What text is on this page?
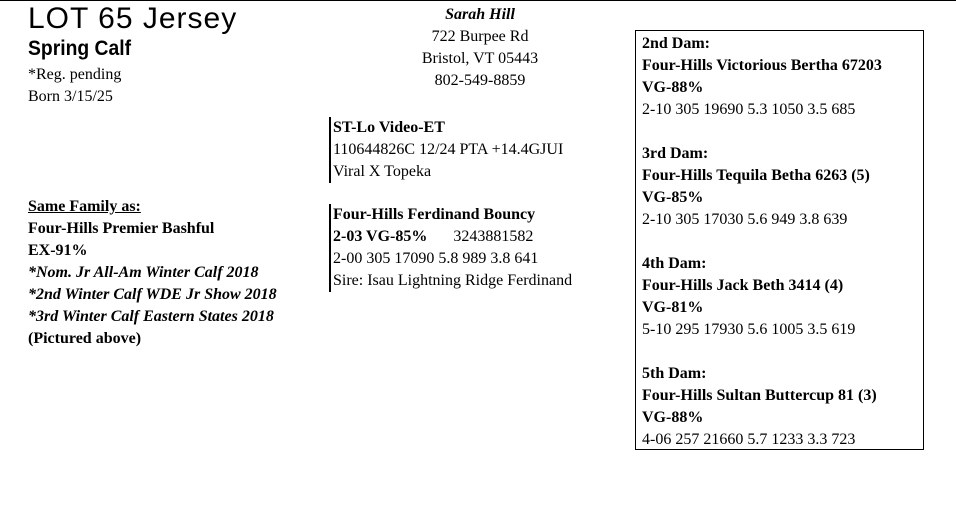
LOT 65 Jersey
Spring Calf
*Reg. pending
Born 3/15/25
Sarah Hill
722 Burpee Rd
Bristol, VT 05443
802-549-8859
ST-Lo Video-ET
110644826C 12/24 PTA +14.4GJUI
Viral X Topeka
Four-Hills Ferdinand Bouncy
2-03 VG-85% 3243881582
2-00 305 17090 5.8 989 3.8 641
Sire: Isau Lightning Ridge Ferdinand
Same Family as:
Four-Hills Premier Bashful
EX-91%
*Nom. Jr All-Am Winter Calf 2018
*2nd Winter Calf WDE Jr Show 2018
*3rd Winter Calf Eastern States 2018
(Pictured above)
2nd Dam:
Four-Hills Victorious Bertha 67203
VG-88%
2-10 305 19690 5.3 1050 3.5 685
3rd Dam:
Four-Hills Tequila Betha 6263 (5)
VG-85%
2-10 305 17030 5.6 949 3.8 639
4th Dam:
Four-Hills Jack Beth 3414 (4)
VG-81%
5-10 295 17930 5.6 1005 3.5 619
5th Dam:
Four-Hills Sultan Buttercup 81 (3)
VG-88%
4-06 257 21660 5.7 1233 3.3 723
